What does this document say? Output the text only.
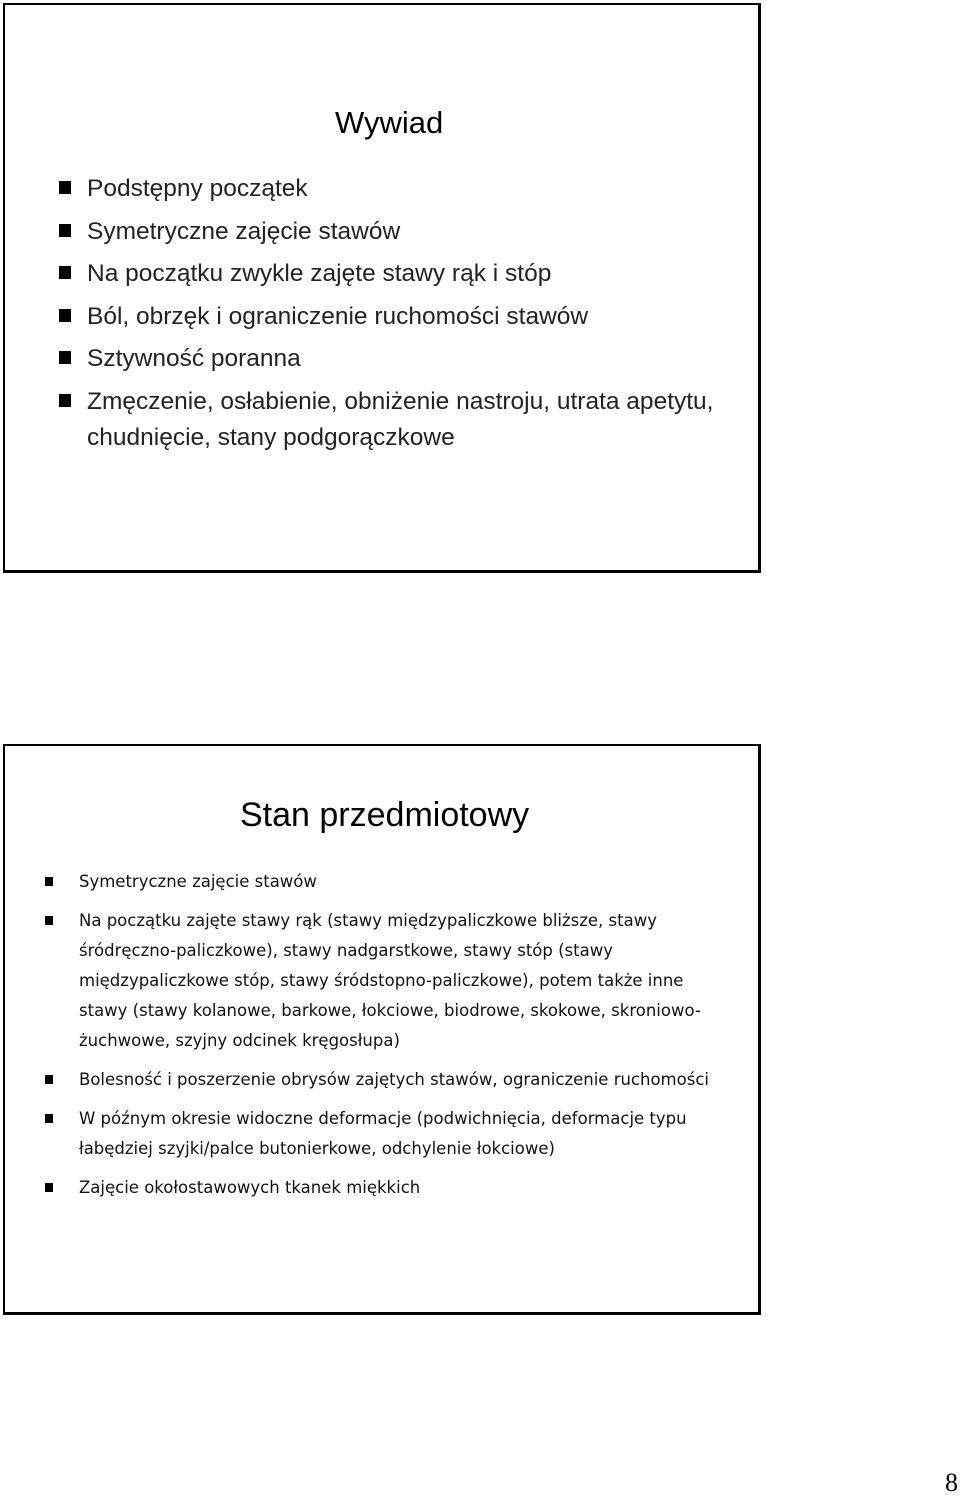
Wywiad
Podstępny początek
Symetryczne zajęcie stawów
Na początku zwykle zajęte stawy rąk i stóp
Ból, obrzęk i ograniczenie ruchomości stawów
Sztywność poranna
Zmęczenie, osłabienie, obniżenie nastroju, utrata apetytu, chudnięcie, stany podgorączkowe
Stan przedmiotowy
Symetryczne zajęcie stawów
Na początku zajęte stawy rąk (stawy międzypaliczkowe bliższe, stawy śródręczno-paliczkowe), stawy nadgarstkowe, stawy stóp (stawy międzypaliczkowe stóp, stawy śródstopno-paliczkowe), potem także inne stawy (stawy kolanowe, barkowe, łokciowe, biodrowe, skokowe, skroniowo-żuchwowe, szyjny odcinek kręgosłupa)
Bolesność i poszerzenie obrysów zajętych stawów, ograniczenie ruchomości
W późnym okresie widoczne deformacje (podwichnięcia, deformacje typu łabędziej szyjki/palce butonierkowe, odchylenie łokciowe)
Zajęcie okołostawowych tkanek miękkich
8
